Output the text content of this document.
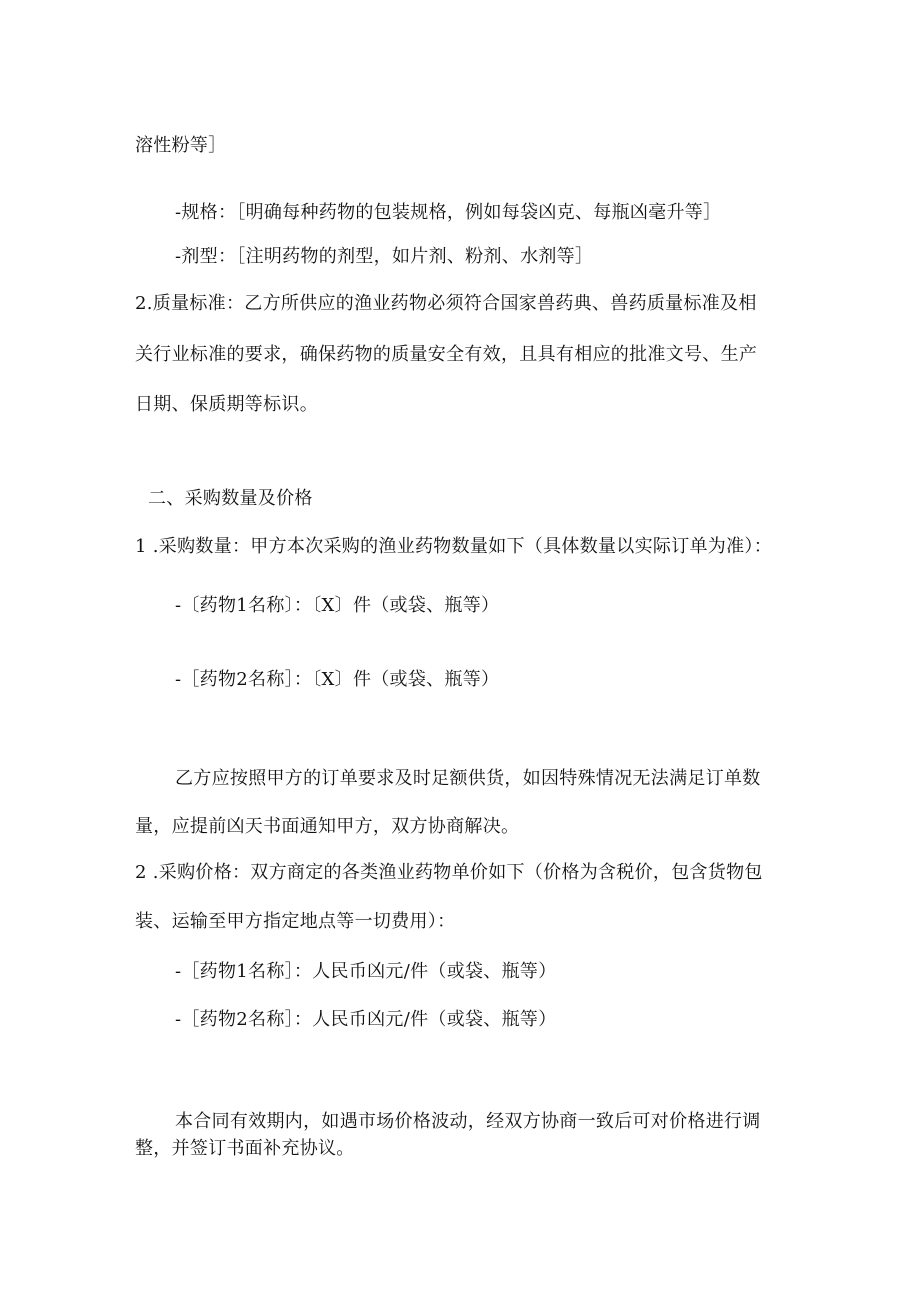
溶性粉等］
-规格：［明确每种药物的包装规格，例如每袋凶克、每瓶凶毫升等］
-剂型：［注明药物的剂型，如片剂、粉剂、水剂等］
2.质量标准：乙方所供应的渔业药物必须符合国家兽药典、兽药质量标准及相
关行业标准的要求，确保药物的质量安全有效，且具有相应的批准文号、生产
日期、保质期等标识。
二、采购数量及价格
1 .采购数量：甲方本次采购的渔业药物数量如下（具体数量以实际订单为准）：
-〔药物1名称〕：〔X〕件（或袋、瓶等）
-［药物2名称］：〔X〕件（或袋、瓶等）
乙方应按照甲方的订单要求及时足额供货，如因特殊情况无法满足订单数
量，应提前凶天书面通知甲方，双方协商解决。
2 .采购价格：双方商定的各类渔业药物单价如下（价格为含税价，包含货物包
装、运输至甲方指定地点等一切费用）：
-［药物1名称］：人民币凶元/件（或袋、瓶等）
-［药物2名称］：人民币凶元/件（或袋、瓶等）
本合同有效期内，如遇市场价格波动，经双方协商一致后可对价格进行调
整，并签订书面补充协议。
